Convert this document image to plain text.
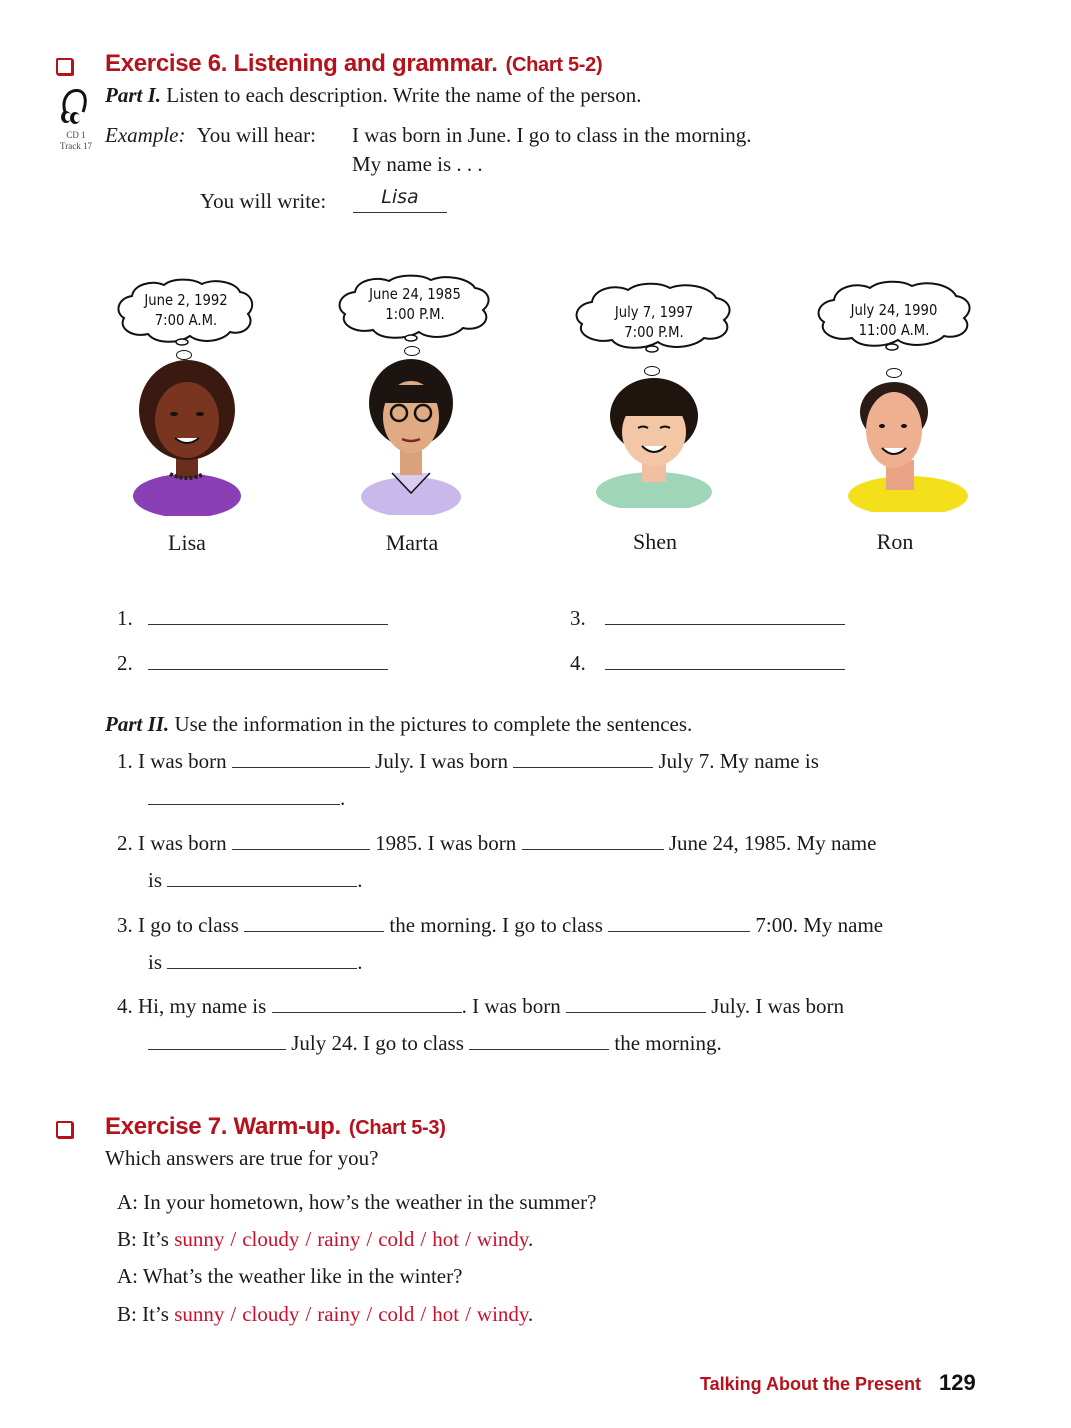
Exercise 6. Listening and grammar. (Chart 5-2)
Part I. Listen to each description. Write the name of the person.
CD 1
Track 17 Example: You will hear: I was born in June. I go to class in the morning.
My name is . . .
You will write:	Lisa
June 2, 1992
7:00 A.M.
Lisa
June 24, 1985
1:00 P.M.
Marta
July 7, 1997
7:00 P.M.
Shen
July 24, 1990
11:00 A.M.
Ron
1.
2.
3.
4.
Part II. Use the information in the pictures to complete the sentences.
1. I was born	July. I was born	July 7. My name is
.
2. I was born	1985. I was born	June 24, 1985. My name
is	.
3. I go to class	the morning. I go to class	7:00. My name
is	.
4. Hi, my name is	. I was born	July. I was born
July 24. I go to class	the morning.
Exercise 7. Warm-up. (Chart 5-3)
Which answers are true for you?
A: In your hometown, how’s the weather in the summer?
B: It’s sunny / cloudy / rainy / cold / hot / windy.
A: What’s the weather like in the winter?
B: It’s sunny / cloudy / rainy / cold / hot / windy.
Talking About the Present 129
